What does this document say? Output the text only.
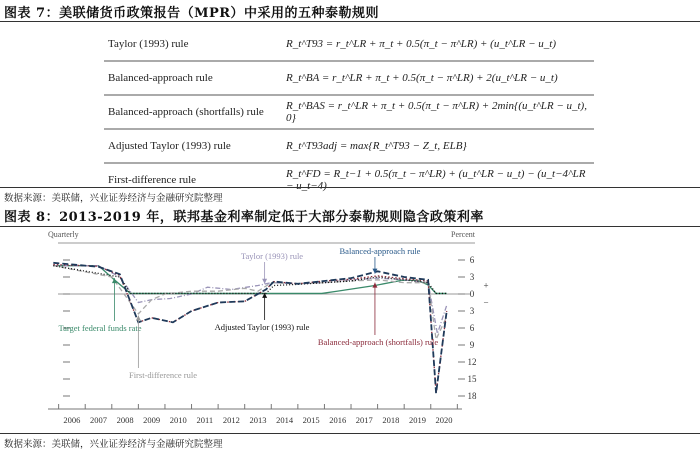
图表 7：美联储货币政策报告（MPR）中采用的五种泰勒规则
Taylor (1993) rule	R_t^T93 = r_t^LR + π_t + 0.5(π_t − π^LR) + (u_t^LR − u_t)
Balanced-approach rule	R_t^BA = r_t^LR + π_t + 0.5(π_t − π^LR) + 2(u_t^LR − u_t)
Balanced-approach (shortfalls) rule	R_t^BAS = r_t^LR + π_t + 0.5(π_t − π^LR) + 2min{(u_t^LR − u_t), 0}
Adjusted Taylor (1993) rule	R_t^T93adj = max{R_t^T93 − Z_t, ELB}
First-difference rule	R_t^FD = R_t−1 + 0.5(π_t − π^LR) + (u_t^LR − u_t) − (u_t−4^LR − u_t−4)
数据来源：美联储，兴业证券经济与金融研究院整理
图表 8：2013-2019 年，联邦基金利率制定低于大部分泰勒规则隐含政策利率
Quarterly	Percent
6
3
+
0
−
3
6
9
12
15
18
2006 2007 2008 2009 2010 2011 2012 2013 2014 2015 2016 2017 2018 2019 2020
Target federal funds rate
Taylor (1993) rule	Balanced-approach rule
Adjusted Taylor (1993) rule
Balanced-approach (shortfalls) rule
First-difference rule
数据来源：美联储，兴业证券经济与金融研究院整理
